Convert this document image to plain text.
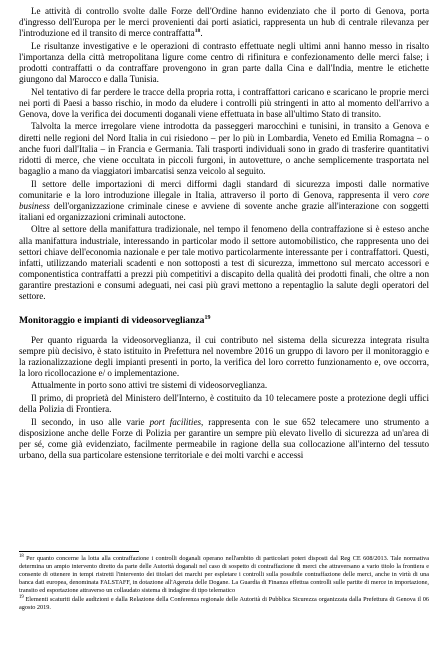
Le attività di controllo svolte dalle Forze dell'Ordine hanno evidenziato che il porto di Genova, porta d'ingresso dell'Europa per le merci provenienti dai porti asiatici, rappresenta un hub di centrale rilevanza per l'introduzione ed il transito di merce contraffatta$^{18}$.

Le risultanze investigative e le operazioni di contrasto effettuate negli ultimi anni hanno messo in risalto l'importanza della città metropolitana ligure come centro di rifinitura e confezionamento delle merci false; i prodotti contraffatti o da contraffare provengono in gran parte dalla Cina e dall'India, mentre le etichette giungono dal Marocco e dalla Tunisia.

Nel tentativo di far perdere le tracce della propria rotta, i contraffattori caricano e scaricano le proprie merci nei porti di Paesi a basso rischio, in modo da eludere i controlli più stringenti in atto al momento dell'arrivo a Genova, dove la verifica dei documenti doganali viene effettuata in base all'ultimo Stato di transito.

Talvolta la merce irregolare viene introdotta da passeggeri marocchini e tunisini, in transito a Genova e diretti nelle regioni del Nord Italia in cui risiedono – per lo più in Lombardia, Veneto ed Emilia Romagna – o anche fuori dall'Italia – in Francia e Germania. Tali trasporti individuali sono in grado di trasferire quantitativi ridotti di merce, che viene occultata in piccoli furgoni, in autovetture, o anche semplicemente trasportata nel bagaglio a mano da viaggiatori imbarcatisi senza veicolo al seguito.

Il settore delle importazioni di merci difformi dagli standard di sicurezza imposti dalle normative comunitarie e la loro introduzione illegale in Italia, attraverso il porto di Genova, rappresenta il vero core business dell'organizzazione criminale cinese e avviene di sovente anche grazie all'interazione con soggetti italiani ed organizzazioni criminali autoctone.

Oltre al settore della manifattura tradizionale, nel tempo il fenomeno della contraffazione si è esteso anche alla manifattura industriale, interessando in particolar modo il settore automobilistico, che rappresenta uno dei settori chiave dell'economia nazionale e per tale motivo particolarmente interessante per i contraffattori. Questi, infatti, utilizzando materiali scadenti e non sottoposti a test di sicurezza, immettono sul mercato accessori e componentistica contraffatti a prezzi più competitivi a discapito della qualità dei prodotti finali, che oltre a non garantire prestazioni e consumi adeguati, nei casi più gravi mettono a repentaglio la salute degli operatori del settore.

Monitoraggio e impianti di videosorveglianza$^{19}$

Per quanto riguarda la videosorveglianza, il cui contributo nel sistema della sicurezza integrata risulta sempre più decisivo, è stato istituito in Prefettura nel novembre 2016 un gruppo di lavoro per il monitoraggio e la razionalizzazione degli impianti presenti in porto, la verifica del loro corretto funzionamento e, ove occorra, la loro ricollocazione e/ o implementazione.

Attualmente in porto sono attivi tre sistemi di videosorveglianza.

Il primo, di proprietà del Ministero dell'Interno, è costituito da 10 telecamere poste a protezione degli uffici della Polizia di Frontiera.

Il secondo, in uso alle varie port facilities, rappresenta con le sue 652 telecamere uno strumento a disposizione anche delle Forze di Polizia per garantire un sempre più elevato livello di sicurezza ad un'area di per sé, come già evidenziato, facilmente permeabile in ragione della sua collocazione all'interno del tessuto urbano, della sua particolare estensione territoriale e dei molti varchi e accessi

$^{18}$ Per quanto concerne la lotta alla contraffazione i controlli doganali operano nell'ambito di particolari poteri disposti dal Reg CE 608/2013. Tale normativa determina un ampio intervento diretto da parte delle Autorità doganali nel caso di sospetto di contraffazione di merci che attraversano a vario titolo la frontiera e consente di ottenere in tempi ristretti l'intervento dei titolari dei marchi per espletare i controlli sulla possibile contraffazione delle merci, anche in virtù di una banca dati europea, denominata FALSTAFF, in dotazione all'Agenzia delle Dogane. La Guardia di Finanza effettua controlli sulle partite di merce in importazione, transito ed esportazione attraverso un collaudato sistema di indagine di tipo telematico

$^{19}$ Elementi scaturiti dalle audizioni e dalla Relazione della Conferenza regionale delle Autorità di Pubblica Sicurezza organizzata dalla Prefettura di Genova il 06 agosto 2019.
